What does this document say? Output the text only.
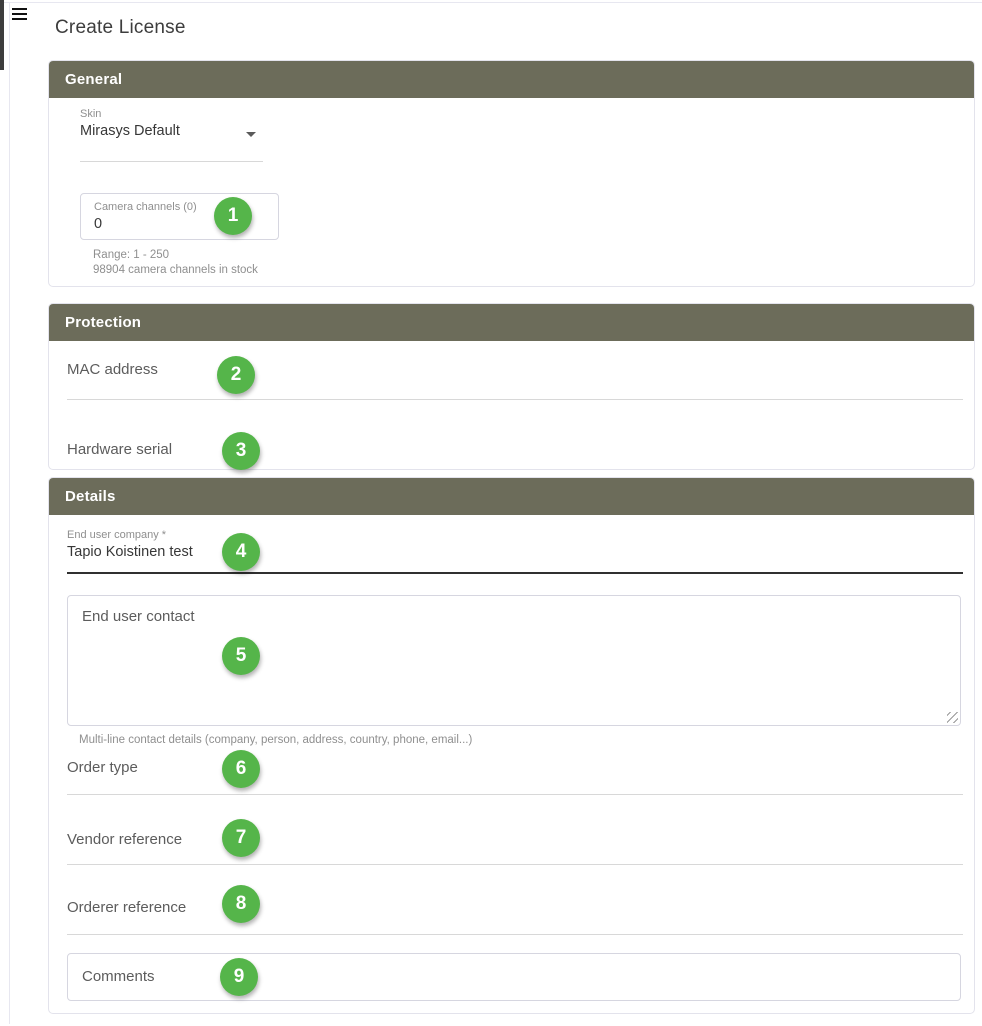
Create License
General
Skin
Mirasys Default
Camera channels (0)
0	1
Range: 1 - 250
98904 camera channels in stock
Protection
MAC address	2
Hardware serial	3
Details
End user company *
Tapio Koistinen test	4
End user contact
5
Multi-line contact details (company, person, address, country, phone, email...)
Order type	6
Vendor reference	7
Orderer reference	8
Comments
9
